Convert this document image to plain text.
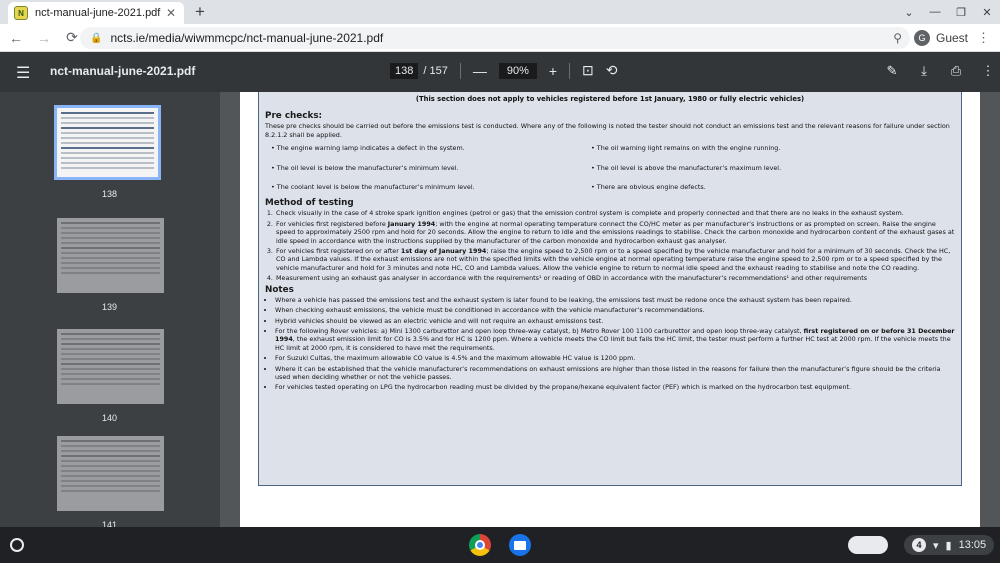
N	nct-manual-june-2021.pdf ✕ +	⌄	—	❐	✕
←	→	⟳	🔒 ncts.ie/media/wiwmmcpc/nct-manual-june-2021.pdf	⚲	G Guest ⋮
☰ nct-manual-june-2021.pdf	138 / 157 —	90%	+ ⊡ ⟲	✎	⤓	⎙	⋮
138
139
140
141
(This section does not apply to vehicles registered before 1st January, 1980 or fully electric vehicles)
Pre checks:
These pre checks should be carried out before the emissions test is conducted. Where any of the following is noted the tester should not conduct an emissions test and the relevant reasons for failure under section 8.2.1.2 shall be applied.
• The engine warning lamp indicates a defect in the system.	• The oil warning light remains on with the engine running.
• The oil level is below the manufacturer’s minimum level.	• The oil level is above the manufacturer’s maximum level.
• The coolant level is below the manufacturer’s minimum level.	• There are obvious engine defects.
Method of testing
1. Check visually in the case of 4 stroke spark ignition engines (petrol or gas) that the emission control system is complete and properly connected and that there are no leaks in the exhaust system.
2. For vehicles first registered before January 1994; with the engine at normal operating temperature connect the CO/HC meter as per manufacturer’s instructions or as prompted on screen. Raise the engine speed to approximately 2500 rpm and hold for 20 seconds. Allow the engine to return to idle and the emissions readings to stabilise. Check the carbon monoxide and hydrocarbon content of the exhaust gases at idle speed in accordance with the instructions supplied by the manufacturer of the carbon monoxide and hydrocarbon exhaust gas analyser.
3. For vehicles first registered on or after 1st day of January 1994; raise the engine speed to 2,500 rpm or to a speed specified by the vehicle manufacturer and hold for a minimum of 30 seconds. Check the HC, CO and Lambda values. If the exhaust emissions are not within the specified limits with the vehicle engine at normal operating temperature raise the engine speed to 2,500 rpm or to a speed specified by the vehicle manufacturer and hold for 3 minutes and note HC, CO and Lambda values. Allow the vehicle engine to return to normal idle speed and the exhaust reading to stabilise and note the CO reading.
4. Measurement using an exhaust gas analyser in accordance with the requirements¹ or reading of OBD in accordance with the manufacturer’s recommendations¹ and other requirements
Notes
• Where a vehicle has passed the emissions test and the exhaust system is later found to be leaking, the emissions test must be redone once the exhaust system has been repaired.
• When checking exhaust emissions, the vehicle must be conditioned in accordance with the vehicle manufacturer’s recommendations.
• Hybrid vehicles should be viewed as an electric vehicle and will not require an exhaust emissions test.
• For the following Rover vehicles: a) Mini 1300 carburettor and open loop three-way catalyst, b) Metro Rover 100 1100 carburettor and open loop three-way catalyst, first registered on or before 31 December 1994, the exhaust emission limit for CO is 3.5% and for HC is 1200 ppm. Where a vehicle meets the CO limit but fails the HC limit, the tester must perform a further HC test at 2000 rpm. If the vehicle meets the HC limit at 2000 rpm, it is considered to have met the requirements.
• For Suzuki Cultas, the maximum allowable CO value is 4.5% and the maximum allowable HC value is 1200 ppm.
• Where it can be established that the vehicle manufacturer’s recommendations on exhaust emissions are higher than those listed in the reasons for failure then the manufacturer’s figure should be the criteria used when deciding whether or not the vehicle passes.
• For vehicles tested operating on LPG the hydrocarbon reading must be divided by the propane/hexane equivalent factor (PEF) which is marked on the hydrocarbon test equipment.
4	▾ ▮ 13:05
